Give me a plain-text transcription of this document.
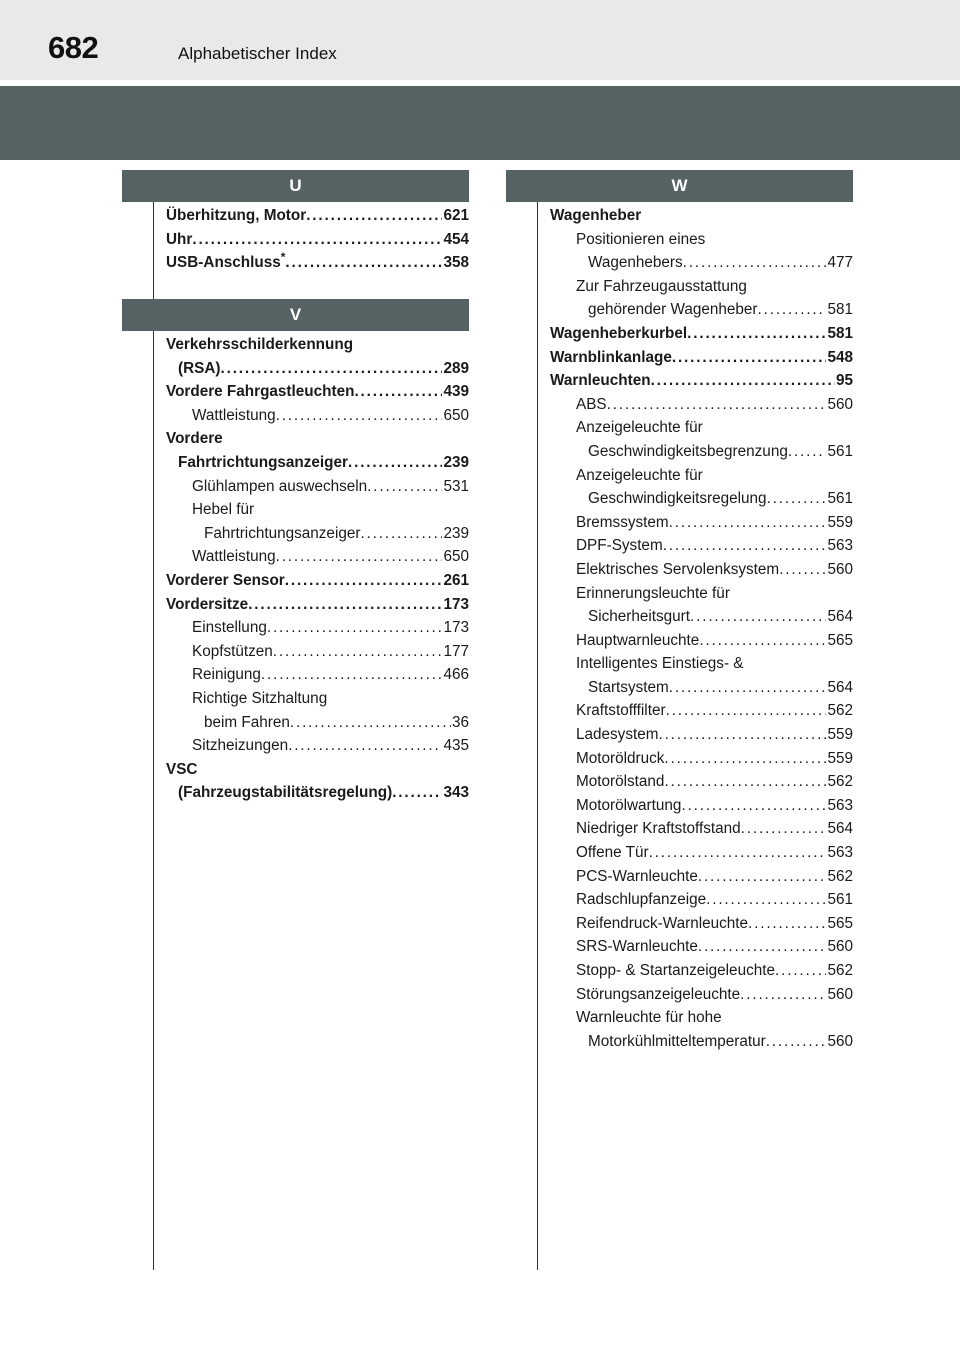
682	Alphabetischer Index
U
Überhitzung, Motor . . .	621
Uhr . . .	454
USB-Anschluss* . . .	358
V
Verkehrsschilderkennung
(RSA) . . .	289
Vordere Fahrgastleuchten . . .	439
Wattleistung . . .	650
Vordere
Fahrtrichtungsanzeiger . . .	239
Glühlampen auswechseln . . .	531
Hebel für
Fahrtrichtungsanzeiger . . .	239
Wattleistung . . .	650
Vorderer Sensor . . .	261
Vordersitze . . .	173
Einstellung . . .	173
Kopfstützen . . .	177
Reinigung . . .	466
Richtige Sitzhaltung
beim Fahren . . .	36
Sitzheizungen . . .	435
VSC
(Fahrzeugstabilitätsregelung) . . .	343
W
Wagenheber
Positionieren eines
Wagenhebers . . .	477
Zur Fahrzeugausstattung
gehörender Wagenheber . . .	581
Wagenheberkurbel . . .	581
Warnblinkanlage . . .	548
Warnleuchten . . .	95
ABS . . .	560
Anzeigeleuchte für
Geschwindigkeitsbegrenzung . . .	561
Anzeigeleuchte für
Geschwindigkeitsregelung . . .	561
Bremssystem . . .	559
DPF-System . . .	563
Elektrisches Servolenksystem . . .	560
Erinnerungsleuchte für
Sicherheitsgurt . . .	564
Hauptwarnleuchte . . .	565
Intelligentes Einstiegs- &
Startsystem . . .	564
Kraftstofffilter . . .	562
Ladesystem . . .	559
Motoröldruck . . .	559
Motorölstand . . .	562
Motorölwartung . . .	563
Niedriger Kraftstoffstand . . .	564
Offene Tür . . .	563
PCS-Warnleuchte . . .	562
Radschlupfanzeige . . .	561
Reifendruck-Warnleuchte . . .	565
SRS-Warnleuchte . . .	560
Stopp- & Startanzeigeleuchte . . .	562
Störungsanzeigeleuchte . . .	560
Warnleuchte für hohe
Motorkühlmitteltemperatur . . .	560
